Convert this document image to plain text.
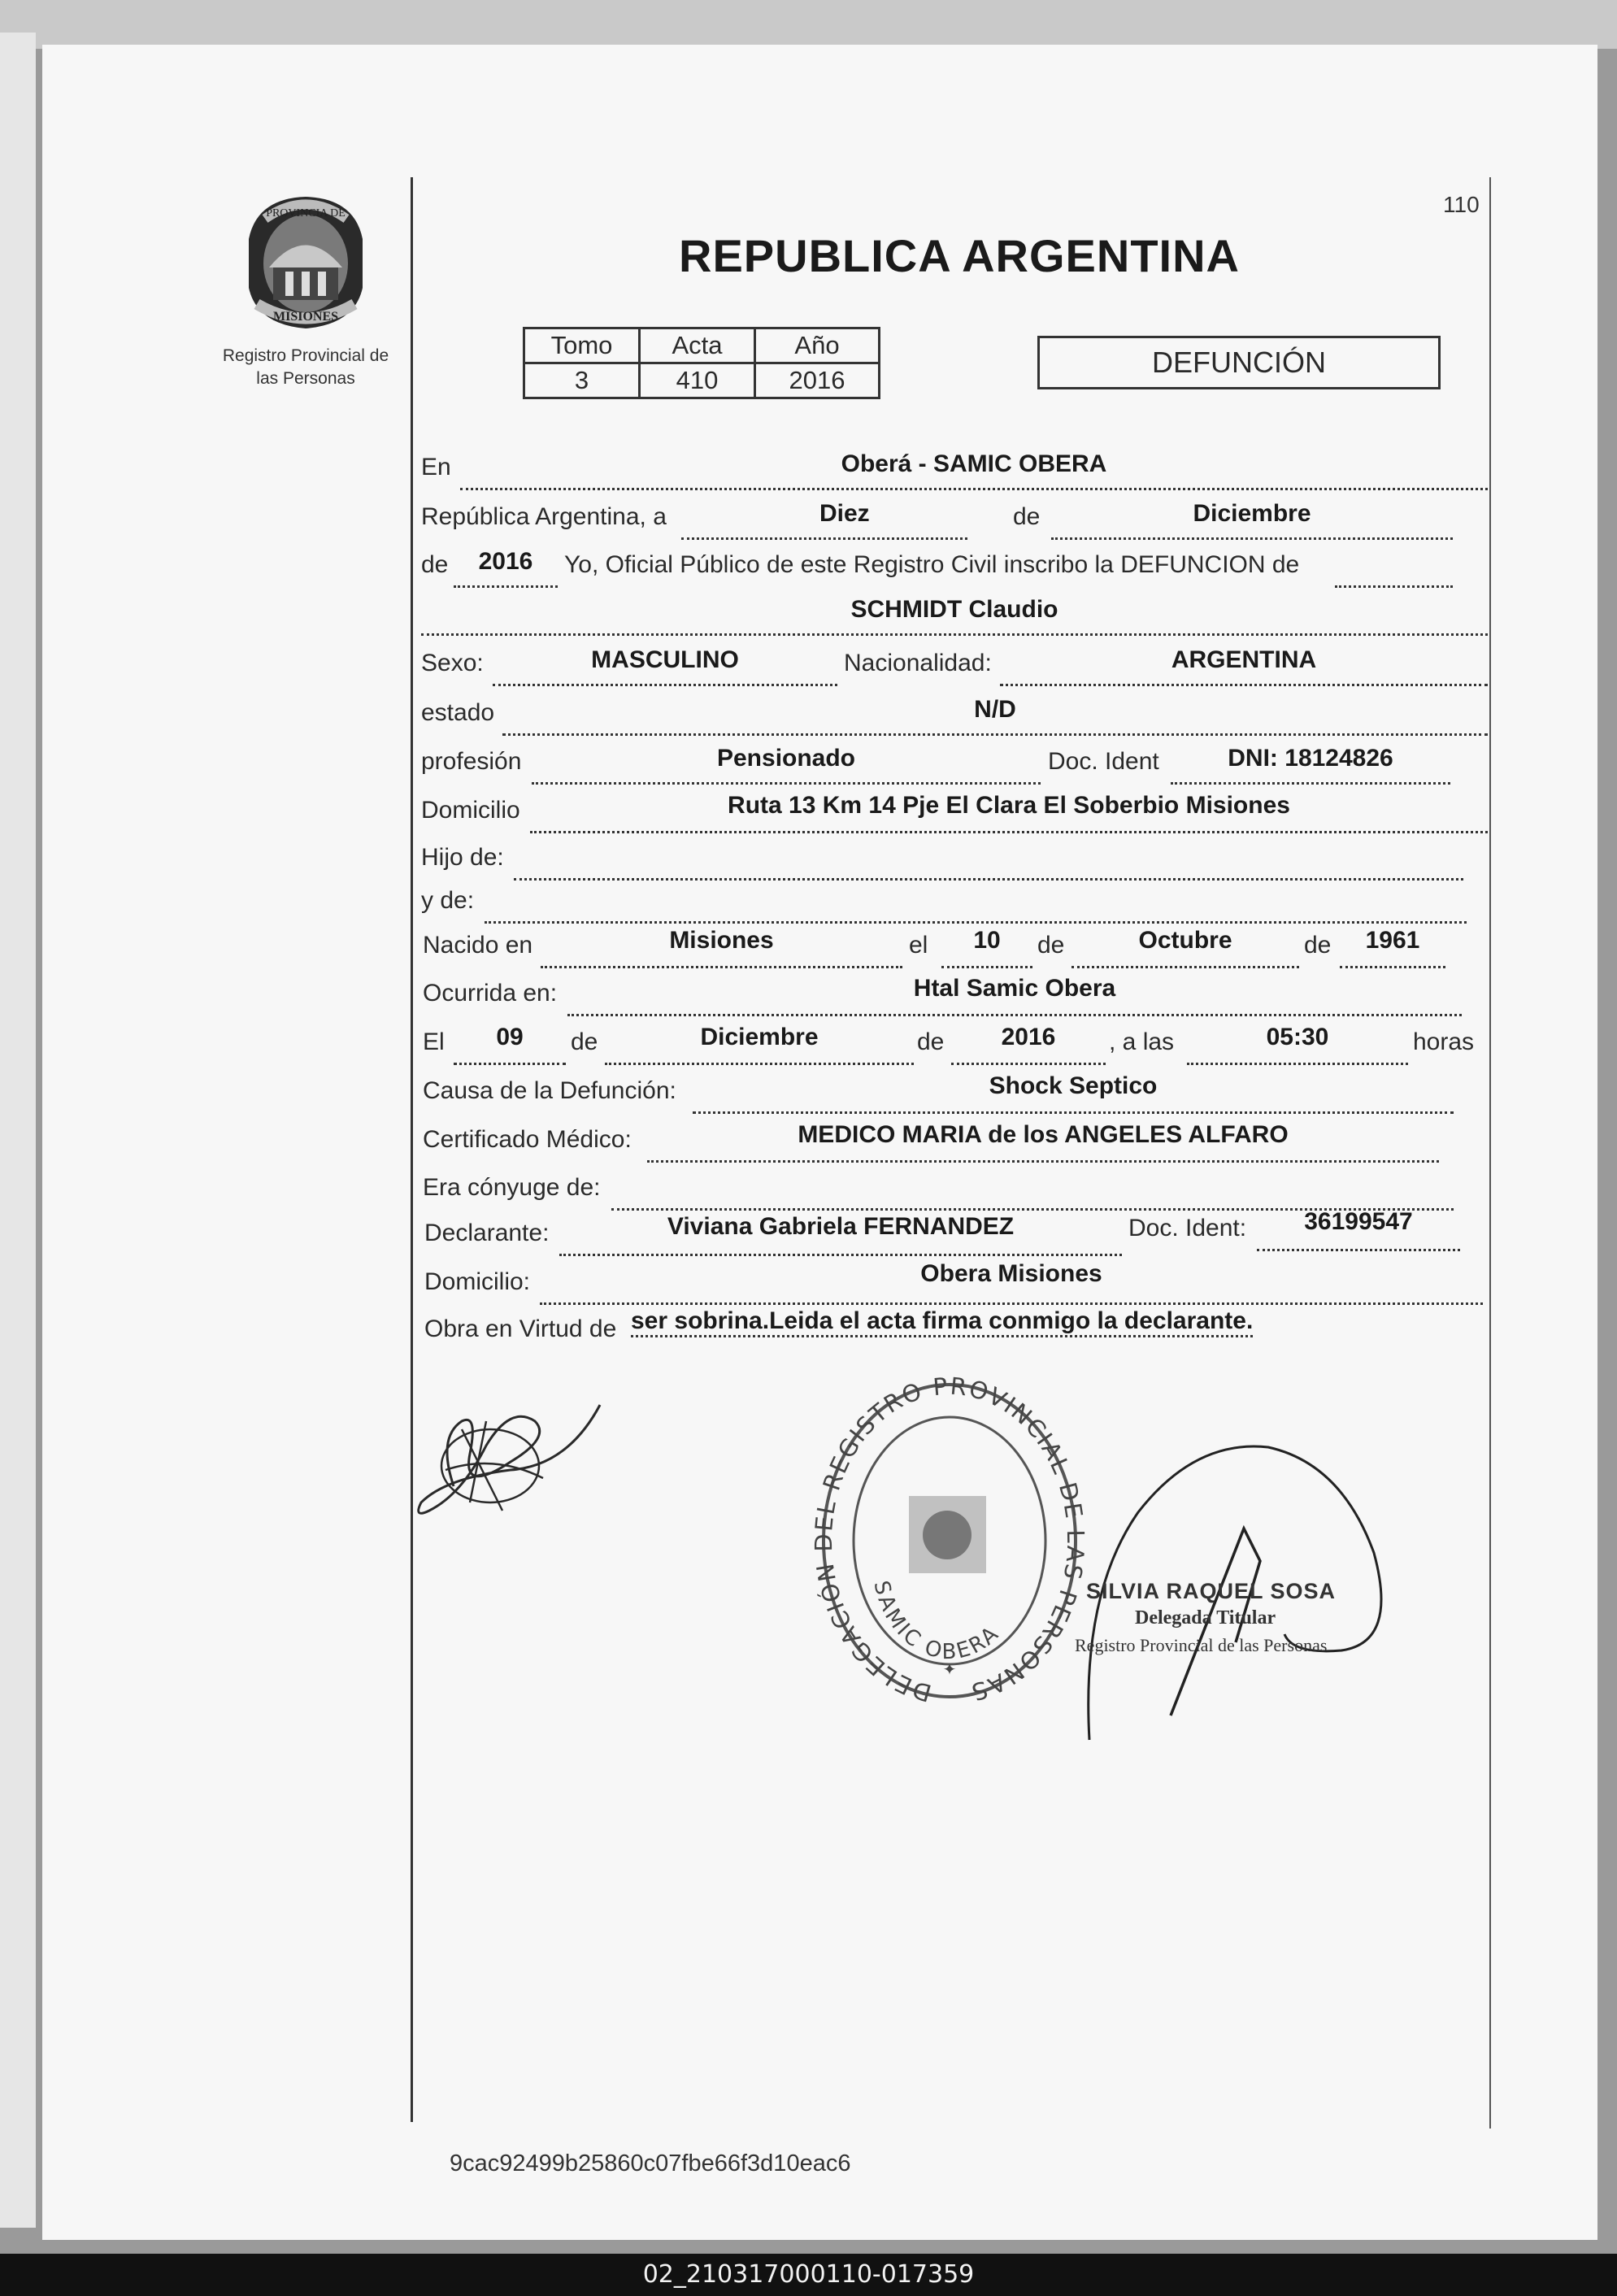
110
PROVINCIA DE
MISIONES
Registro Provincial de
las Personas
REPUBLICA ARGENTINA
Tomo	Acta	Año
3	410	2016
DEFUNCIÓN
En	Oberá - SAMIC OBERA
República Argentina, a	Diez	de	Diciembre
de	2016	Yo, Oficial Público de este Registro Civil inscribo la DEFUNCION de
SCHMIDT Claudio
Sexo:	MASCULINO	Nacionalidad:	ARGENTINA
estado	N/D
profesión	Pensionado	Doc. Ident	DNI: 18124826
Domicilio	Ruta 13 Km 14 Pje El Clara El Soberbio Misiones
Hijo de:
y de:
Nacido en	Misiones	el	10	de	Octubre	de	1961
Ocurrida en:	Htal Samic Obera
El	09	de	Diciembre	de	2016	, a las	05:30	horas
Causa de la Defunción:	Shock Septico
Certificado Médico:	MEDICO MARIA de los ANGELES ALFARO
Era cónyuge de:
Declarante:	Viviana Gabriela FERNANDEZ	Doc. Ident:	36199547
Domicilio:	Obera Misiones
Obra en Virtud de ser sobrina.Leida el acta firma conmigo la declarante.
DELEGACIÓN DEL REGISTRO PROVINCIAL DE LAS PERSONAS
SAMIC OBERA
✦
SILVIA RAQUEL SOSA
Delegada Titular
Registro Provincial de las Personas
9cac92499b25860c07fbe66f3d10eac6
02_210317000110-017359
